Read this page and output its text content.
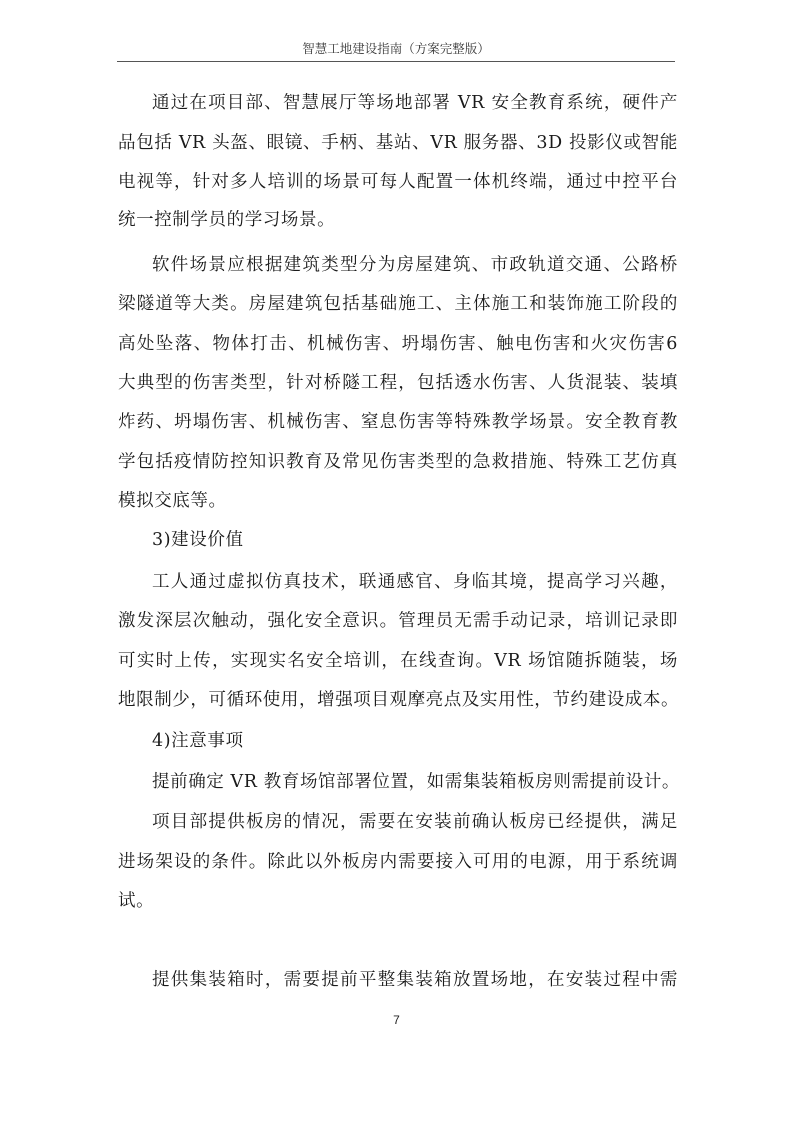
智慧工地建设指南（方案完整版）
通过在项目部、智慧展厅等场地部署 VR 安全教育系统，硬件产
品包括 VR 头盔、眼镜、手柄、基站、VR 服务器、3D 投影仪或智能
电视等，针对多人培训的场景可每人配置一体机终端，通过中控平台
统一控制学员的学习场景。
软件场景应根据建筑类型分为房屋建筑、市政轨道交通、公路桥
梁隧道等大类。房屋建筑包括基础施工、主体施工和装饰施工阶段的
高处坠落、物体打击、机械伤害、坍塌伤害、触电伤害和火灾伤害6
大典型的伤害类型，针对桥隧工程，包括透水伤害、人货混装、装填
炸药、坍塌伤害、机械伤害、窒息伤害等特殊教学场景。安全教育教
学包括疫情防控知识教育及常见伤害类型的急救措施、特殊工艺仿真
模拟交底等。
3)建设价值
工人通过虚拟仿真技术，联通感官、身临其境，提高学习兴趣，
激发深层次触动，强化安全意识。管理员无需手动记录，培训记录即
可实时上传，实现实名安全培训，在线查询。VR 场馆随拆随装，场
地限制少，可循环使用，增强项目观摩亮点及实用性，节约建设成本。
4)注意事项
提前确定 VR 教育场馆部署位置，如需集装箱板房则需提前设计。
项目部提供板房的情况，需要在安装前确认板房已经提供，满足
进场架设的条件。除此以外板房内需要接入可用的电源，用于系统调
试。
提供集装箱时，需要提前平整集装箱放置场地，在安装过程中需
7
